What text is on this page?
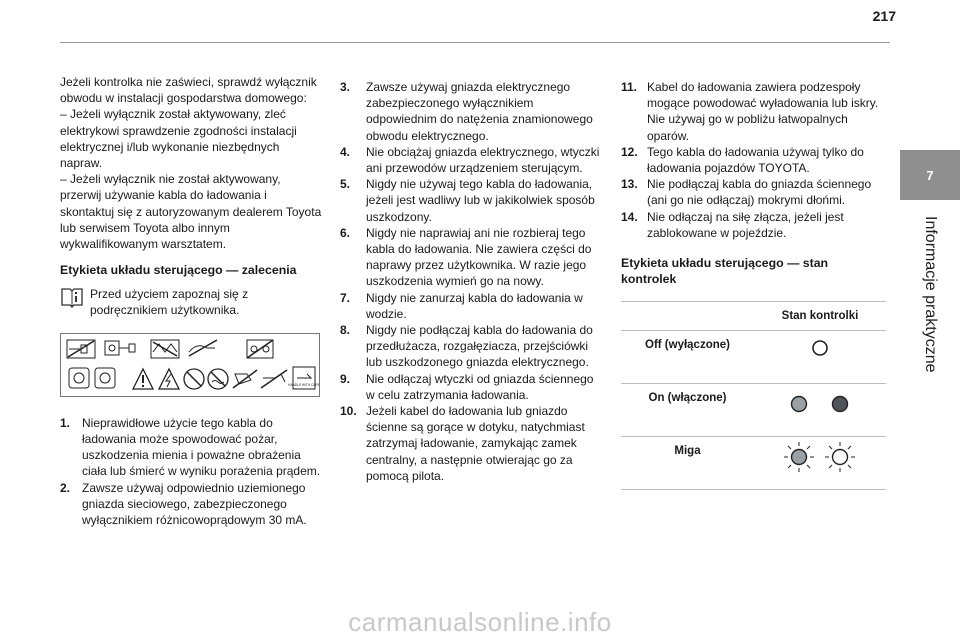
217
7
Informacje praktyczne

Jeżeli kontrolka nie zaświeci, sprawdź wyłącznik obwodu w instalacji gospodarstwa domowego:

– Jeżeli wyłącznik został aktywowany, zleć elektrykowi sprawdzenie zgodności instalacji elektrycznej i/lub wykonanie niezbędnych napraw.

– Jeżeli wyłącznik nie został aktywowany, przerwij używanie kabla do ładowania i skontaktuj się z autoryzowanym dealerem Toyota lub serwisem Toyota albo innym wykwalifikowanym warsztatem.

Etykieta układu sterującego — zalecenia

Przed użyciem zapoznaj się z podręcznikiem użytkownika.

HANDLE WITH CARE
1. Nieprawidłowe użycie tego kabla do ładowania może spowodować pożar, uszkodzenia mienia i poważne obrażenia ciała lub śmierć w wyniku porażenia prądem.
2. Zawsze używaj odpowiednio uziemionego gniazda sieciowego, zabezpieczonego wyłącznikiem różnicowoprądowym 30 mA.
3.	Zawsze używaj gniazda elektrycznego zabezpieczonego wyłącznikiem odpowiednim do natężenia znamionowego obwodu elektrycznego.
4.	Nie obciążaj gniazda elektrycznego, wtyczki ani przewodów urządzeniem sterującym.
5.	Nigdy nie używaj tego kabla do ładowania, jeżeli jest wadliwy lub w jakikolwiek sposób uszkodzony.
6.	Nigdy nie naprawiaj ani nie rozbieraj tego kabla do ładowania. Nie zawiera części do naprawy przez użytkownika. W razie jego uszkodzenia wymień go na nowy.
7.	Nigdy nie zanurzaj kabla do ładowania w wodzie.
8.	Nigdy nie podłączaj kabla do ładowania do przedłużacza, rozgałęziacza, przejściówki lub uszkodzonego gniazda elektrycznego.
9.	Nie odłączaj wtyczki od gniazda ściennego w celu zatrzymania ładowania.
10. Jeżeli kabel do ładowania lub gniazdo ścienne są gorące w dotyku, natychmiast zatrzymaj ładowanie, zamykając zamek centralny, a następnie otwierając go za pomocą pilota.
11. Kabel do ładowania zawiera podzespoły mogące powodować wyładowania lub iskry. Nie używaj go w pobliżu łatwopalnych oparów.
12. Tego kabla do ładowania używaj tylko do ładowania pojazdów TOYOTA.
13. Nie podłączaj kabla do gniazda ściennego (ani go nie odłączaj) mokrymi dłońmi.
14. Nie odłączaj na siłę złącza, jeżeli jest zablokowane w pojeździe.
Etykieta układu sterującego — stan kontrolek
	Stan kontrolki
Off (wyłączone)	
On (włączone)	
Miga	
carmanualsonline.info
